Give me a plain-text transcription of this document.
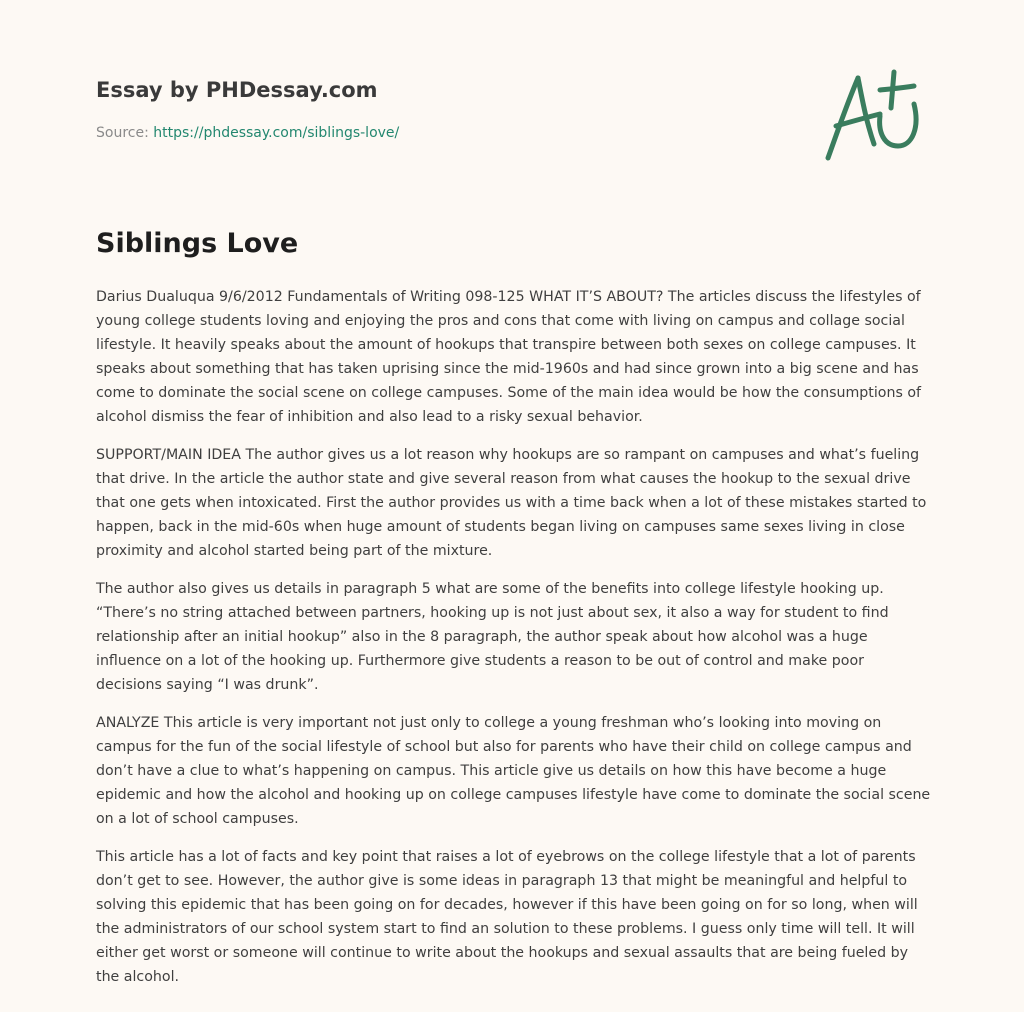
Essay by PHDessay.com
Source: https://phdessay.com/siblings-love/
Siblings Love

Darius Dualuqua 9/6/2012 Fundamentals of Writing 098-125 WHAT IT’S ABOUT? The articles discuss the lifestyles of young college students loving and enjoying the pros and cons that come with living on campus and collage social lifestyle. It heavily speaks about the amount of hookups that transpire between both sexes on college campuses. It speaks about something that has taken uprising since the mid-1960s and had since grown into a big scene and has come to dominate the social scene on college campuses. Some of the main idea would be how the consumptions of alcohol dismiss the fear of inhibition and also lead to a risky sexual behavior.

SUPPORT/MAIN IDEA The author gives us a lot reason why hookups are so rampant on campuses and what’s fueling that drive. In the article the author state and give several reason from what causes the hookup to the sexual drive that one gets when intoxicated. First the author provides us with a time back when a lot of these mistakes started to happen, back in the mid-60s when huge amount of students began living on campuses same sexes living in close proximity and alcohol started being part of the mixture.

The author also gives us details in paragraph 5 what are some of the benefits into college lifestyle hooking up. “There’s no string attached between partners, hooking up is not just about sex, it also a way for student to find relationship after an initial hookup” also in the 8 paragraph, the author speak about how alcohol was a huge influence on a lot of the hooking up. Furthermore give students a reason to be out of control and make poor decisions saying “I was drunk”.

ANALYZE This article is very important not just only to college a young freshman who’s looking into moving on campus for the fun of the social lifestyle of school but also for parents who have their child on college campus and don’t have a clue to what’s happening on campus. This article give us details on how this have become a huge epidemic and how the alcohol and hooking up on college campuses lifestyle have come to dominate the social scene on a lot of school campuses.

This article has a lot of facts and key point that raises a lot of eyebrows on the college lifestyle that a lot of parents don’t get to see. However, the author give is some ideas in paragraph 13 that might be meaningful and helpful to solving this epidemic that has been going on for decades, however if this have been going on for so long, when will the administrators of our school system start to find an solution to these problems. I guess only time will tell. It will either get worst or someone will continue to write about the hookups and sexual assaults that are being fueled by the alcohol.
